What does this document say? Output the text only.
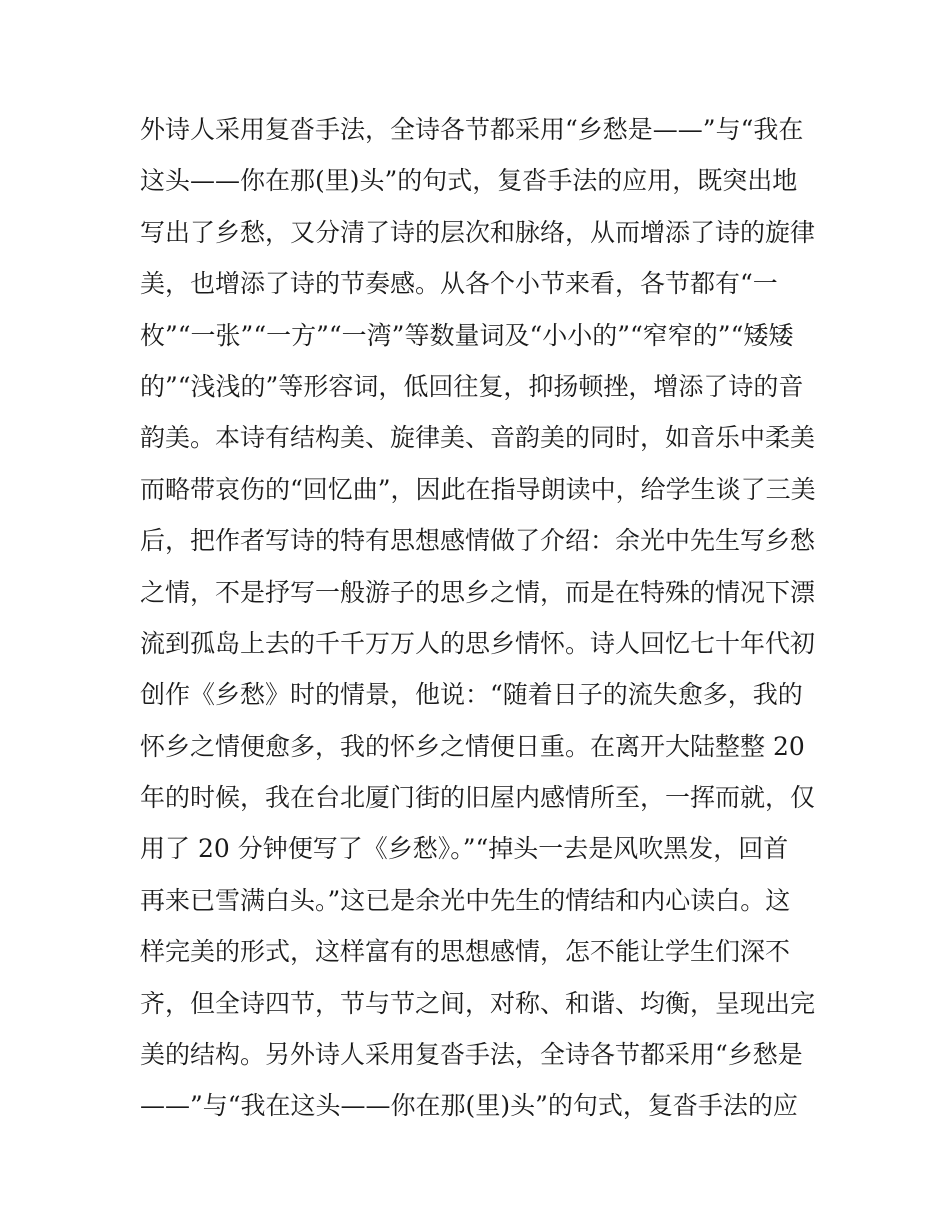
外诗人采用复沓手法，全诗各节都采用“乡愁是——”与“我在
这头——你在那(里)头”的句式，复沓手法的应用，既突出地
写出了乡愁，又分清了诗的层次和脉络，从而增添了诗的旋律
美，也增添了诗的节奏感。从各个小节来看，各节都有“一
枚”“一张”“一方”“一湾”等数量词及“小小的”“窄窄的”“矮矮
的”“浅浅的”等形容词，低回往复，抑扬顿挫，增添了诗的音
韵美。本诗有结构美、旋律美、音韵美的同时，如音乐中柔美
而略带哀伤的“回忆曲”，因此在指导朗读中，给学生谈了三美
后，把作者写诗的特有思想感情做了介绍：余光中先生写乡愁
之情，不是抒写一般游子的思乡之情，而是在特殊的情况下漂
流到孤岛上去的千千万万人的思乡情怀。诗人回忆七十年代初
创作《乡愁》时的情景，他说：“随着日子的流失愈多，我的
怀乡之情便愈多，我的怀乡之情便日重。在离开大陆整整 20
年的时候，我在台北厦门街的旧屋内感情所至，一挥而就，仅
用了 20 分钟便写了《乡愁》。”“掉头一去是风吹黑发，回首
再来已雪满白头。”这已是余光中先生的情结和内心读白。这
样完美的形式，这样富有的思想感情，怎不能让学生们深不
齐，但全诗四节，节与节之间，对称、和谐、均衡，呈现出完
美的结构。另外诗人采用复沓手法，全诗各节都采用“乡愁是
——”与“我在这头——你在那(里)头”的句式，复沓手法的应
